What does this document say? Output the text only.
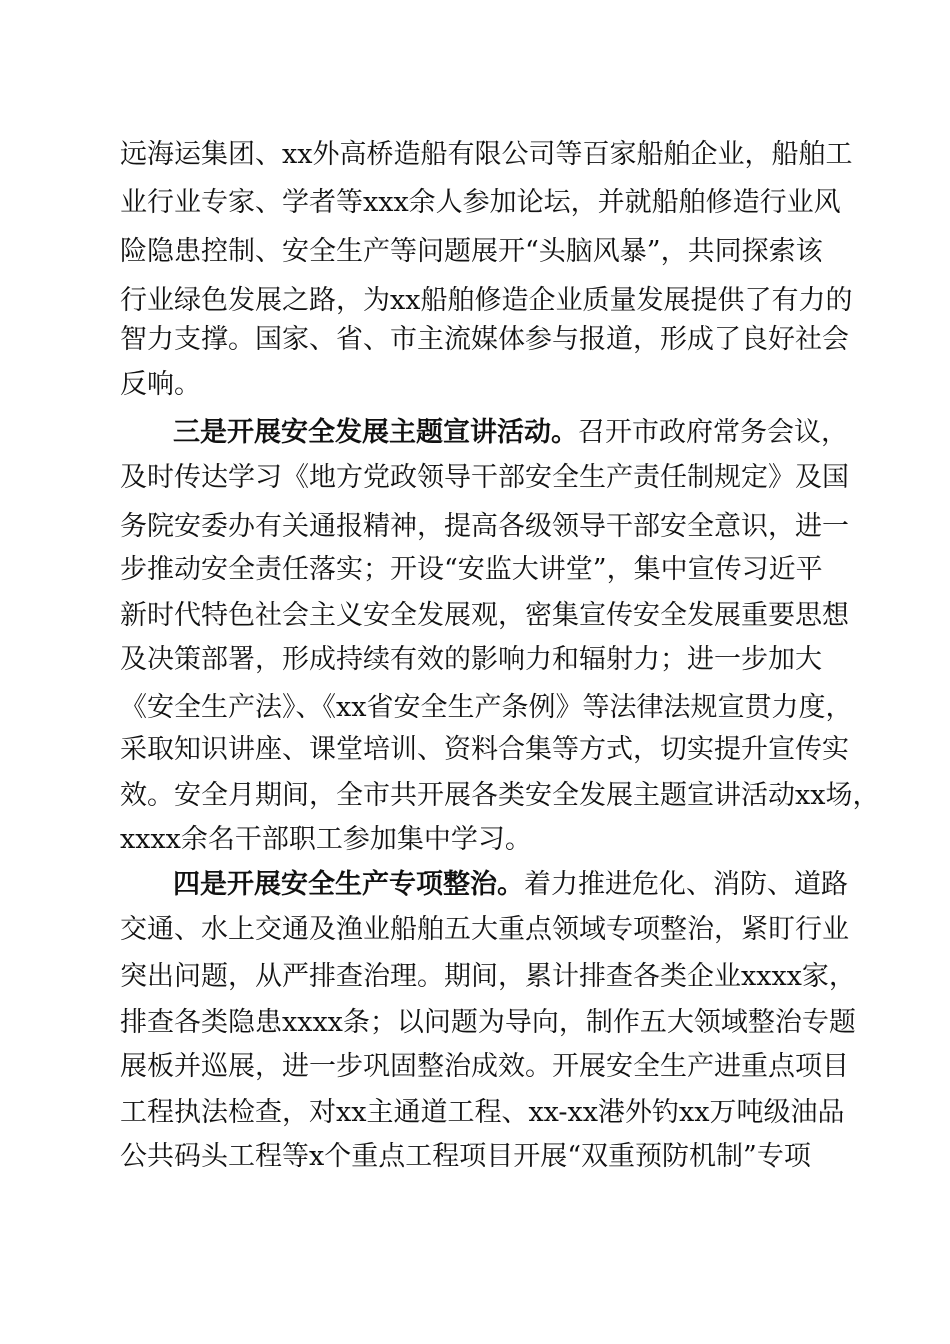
远海运集团、xx外高桥造船有限公司等百家船舶企业，船舶工
业行业专家、学者等xxx余人参加论坛，并就船舶修造行业风
险隐患控制、安全生产等问题展开“头脑风暴”，共同探索该
行业绿色发展之路，为xx船舶修造企业质量发展提供了有力的
智力支撑。国家、省、市主流媒体参与报道，形成了良好社会
反响。
三是开展安全发展主题宣讲活动。召开市政府常务会议，
及时传达学习《地方党政领导干部安全生产责任制规定》及国
务院安委办有关通报精神，提高各级领导干部安全意识，进一
步推动安全责任落实；开设“安监大讲堂”，集中宣传习近平
新时代特色社会主义安全发展观，密集宣传安全发展重要思想
及决策部署，形成持续有效的影响力和辐射力；进一步加大
《安全生产法》、《xx省安全生产条例》等法律法规宣贯力度，
采取知识讲座、课堂培训、资料合集等方式，切实提升宣传实
效。安全月期间，全市共开展各类安全发展主题宣讲活动xx场，
xxxx余名干部职工参加集中学习。
四是开展安全生产专项整治。着力推进危化、消防、道路
交通、水上交通及渔业船舶五大重点领域专项整治，紧盯行业
突出问题，从严排查治理。期间，累计排查各类企业xxxx家，
排查各类隐患xxxx条；以问题为导向，制作五大领域整治专题
展板并巡展，进一步巩固整治成效。开展安全生产进重点项目
工程执法检查，对xx主通道工程、xx-xx港外钓xx万吨级油品
公共码头工程等x个重点工程项目开展“双重预防机制”专项
